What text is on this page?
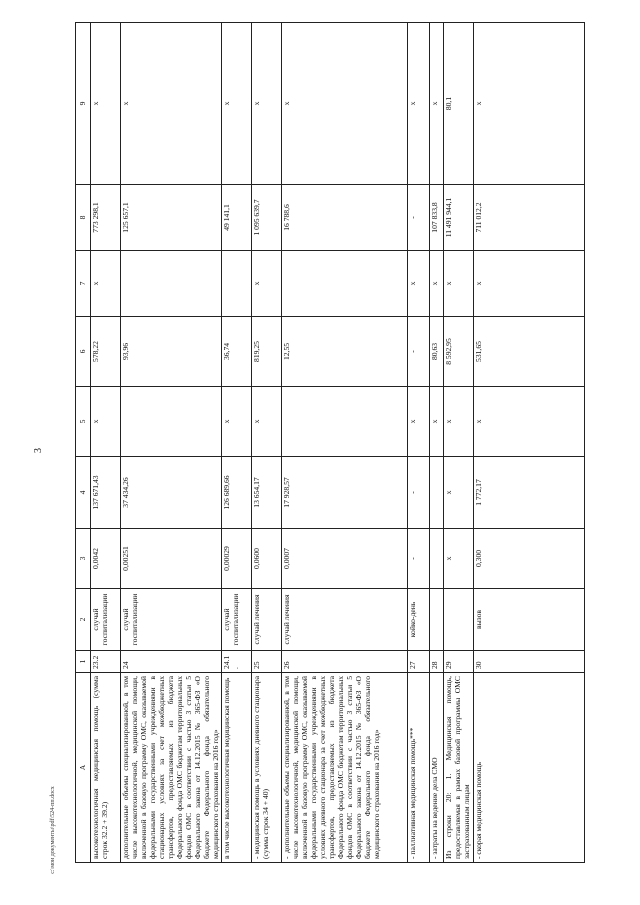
3
А	1	2	3	4	5	6	7	8	9
высокотехнологичная медицинская помощь (сумма строк 32.2 + 39.2)	23.2	случай госпитализации	0,0042	137 671,43	х	578,22	х	773 298,1	х
дополнительные объемы специализированной, в том числе высокотехнологичной, медицинской помощи, включенной в базовую программу ОМС, оказываемой федеральными государственными учреждениями в стационарных условиях за счет межбюджетных трансфертов, предоставляемых из бюджета Федерального фонда ОМС бюджетам территориальных фондов ОМС в соответствии с частью 3 статьи 5 Федерального закона от 14.12.2015 № 365-ФЗ «О бюджете Федерального фонда обязательного медицинского страхования на 2016 год»	24	случай госпитализации	0,00251	37 434,26		93,96		125 657,1	х
в том числе высокотехнологичная медицинская помощь	24.1.	случай госпитализации	0,00029	126 689,66	х	36,74		49 141,1	х
- медицинская помощь в условиях дневного стационара (сумма строк 34 + 40)	25	случай лечения	0,0600	13 654,17	х	819,25	х	1 095 639,7	х
- дополнительные объемы специализированной, в том числе высокотехнологичной, медицинской помощи, включенной в базовую программу ОМС, оказываемой федеральными государственными учреждениями в условиях дневного стационара за счет межбюджетных трансфертов, предоставляемых из бюджета Федерального фонда ОМС бюджетам территориальных фондов ОМС в соответствии с частью 3 статьи 5 Федерального закона от 14.12.2015 № 365-ФЗ «О бюджете Федерального фонда обязательного медицинского страхования на 2016 год»	26	случай лечения	0,0007	17 928,57		12,55		16 788,6	х
- паллиативная медицинская помощь***	27	койко-день	-	-	х	-	х	-	х
- затраты на ведение дела СМО	28				х	80,63	х	107 833,8	х
Из строки 20: 1. Медицинская помощь, предоставляемая в рамках базовой программы ОМС застрахованным лицам	29		х	х	х	8 592,95	х	11 491 944,1	80,1
- скорая медицинская помощь	30	вызов	0,300	1 772,17	х	531,65	х	711 012,2	х
c:\мои документы\pdf\524-пп.docx
